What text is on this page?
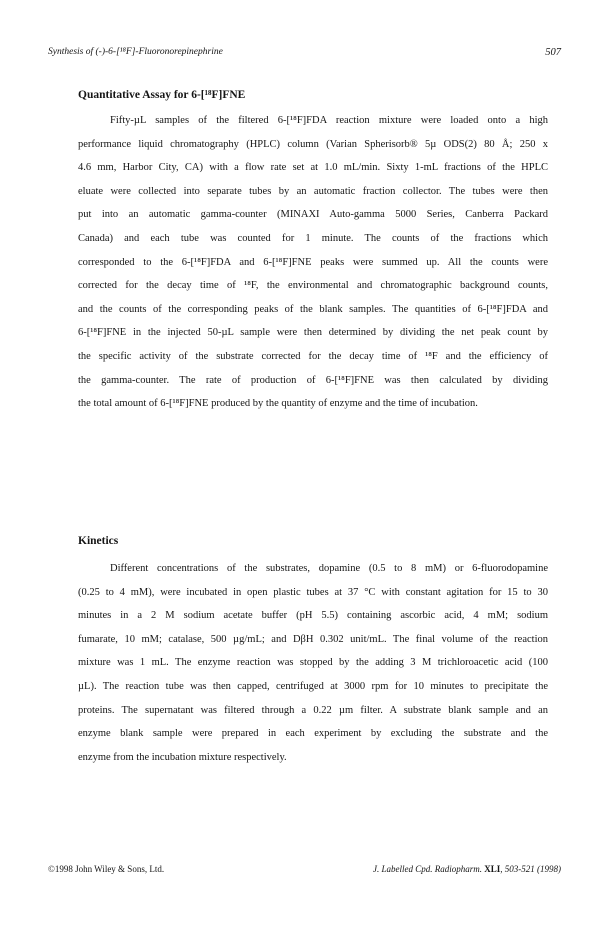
Synthesis of (-)-6-[¹⁸F]-Fluoronorepinephrine	507
Quantitative Assay for 6-[¹⁸F]FNE
Fifty-µL samples of the filtered 6-[¹⁸F]FDA reaction mixture were loaded onto a high
performance liquid chromatography (HPLC) column (Varian Spherisorb® 5µ ODS(2) 80 Å; 250 x
4.6 mm, Harbor City, CA) with a flow rate set at 1.0 mL/min. Sixty 1-mL fractions of the HPLC
eluate were collected into separate tubes by an automatic fraction collector. The tubes were then
put into an automatic gamma-counter (MINAXI Auto-gamma 5000 Series, Canberra Packard
Canada) and each tube was counted for 1 minute. The counts of the fractions which
corresponded to the 6-[¹⁸F]FDA and 6-[¹⁸F]FNE peaks were summed up. All the counts were
corrected for the decay time of ¹⁸F, the environmental and chromatographic background counts,
and the counts of the corresponding peaks of the blank samples. The quantities of 6-[¹⁸F]FDA and
6-[¹⁸F]FNE in the injected 50-µL sample were then determined by dividing the net peak count by
the specific activity of the substrate corrected for the decay time of ¹⁸F and the efficiency of
the gamma-counter. The rate of production of 6-[¹⁸F]FNE was then calculated by dividing
the total amount of 6-[¹⁸F]FNE produced by the quantity of enzyme and the time of incubation.
Kinetics
Different concentrations of the substrates, dopamine (0.5 to 8 mM) or 6-fluorodopamine
(0.25 to 4 mM), were incubated in open plastic tubes at 37 °C with constant agitation for 15 to 30
minutes in a 2 M sodium acetate buffer (pH 5.5) containing ascorbic acid, 4 mM; sodium
fumarate, 10 mM; catalase, 500 µg/mL; and DβH 0.302 unit/mL. The final volume of the reaction
mixture was 1 mL. The enzyme reaction was stopped by the adding 3 M trichloroacetic acid (100
µL). The reaction tube was then capped, centrifuged at 3000 rpm for 10 minutes to precipitate the
proteins. The supernatant was filtered through a 0.22 µm filter. A substrate blank sample and an
enzyme blank sample were prepared in each experiment by excluding the substrate and the
enzyme from the incubation mixture respectively.
©1998 John Wiley & Sons, Ltd.	J. Labelled Cpd. Radiopharm. XLI, 503-521 (1998)
